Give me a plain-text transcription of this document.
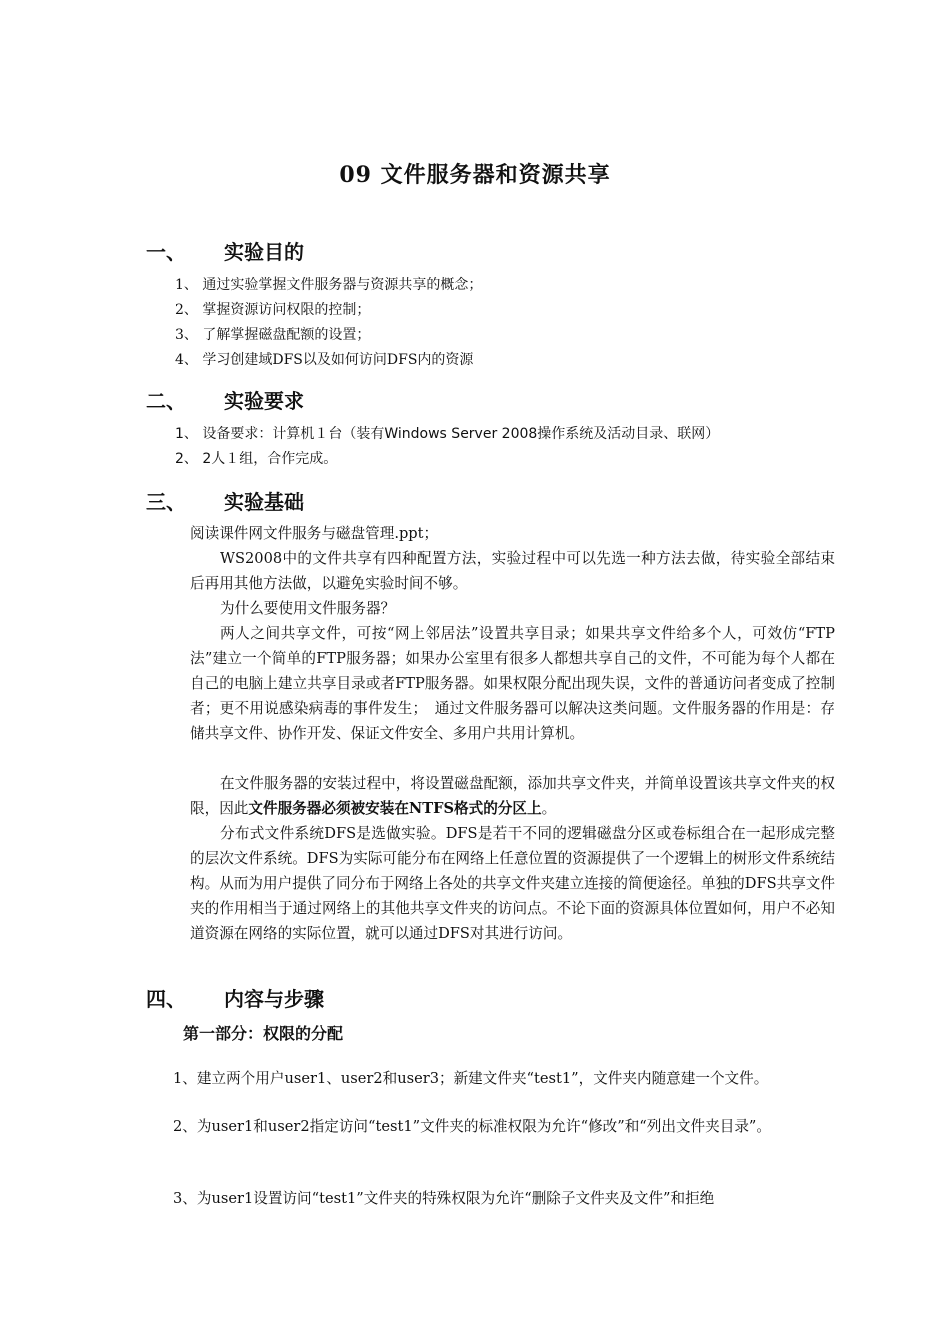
09 文件服务器和资源共享
一、 实验目的
1、 通过实验掌握文件服务器与资源共享的概念；
2、 掌握资源访问权限的控制；
3、 了解掌握磁盘配额的设置；
4、 学习创建域DFS以及如何访问DFS内的资源
二、 实验要求
1、 设备要求：计算机１台（装有Windows Server 2008操作系统及活动目录、联网）
2、 2人１组，合作完成。
三、 实验基础
阅读课件网文件服务与磁盘管理.ppt；
WS2008中的文件共享有四种配置方法，实验过程中可以先选一种方法去做，待实验全部结束后再用其他方法做，以避免实验时间不够。
为什么要使用文件服务器？
两人之间共享文件，可按“网上邻居法”设置共享目录；如果共享文件给多个人，可效仿“FTP法”建立一个简单的FTP服务器；如果办公室里有很多人都想共享自己的文件，不可能为每个人都在自己的电脑上建立共享目录或者FTP服务器。如果权限分配出现失误，文件的普通访问者变成了控制者；更不用说感染病毒的事件发生；　通过文件服务器可以解决这类问题。文件服务器的作用是：存储共享文件、协作开发、保证文件安全、多用户共用计算机。
在文件服务器的安装过程中，将设置磁盘配额，添加共享文件夹，并简单设置该共享文件夹的权限，因此文件服务器必须被安装在NTFS格式的分区上。
分布式文件系统DFS是选做实验。DFS是若干不同的逻辑磁盘分区或卷标组合在一起形成完整的层次文件系统。DFS为实际可能分布在网络上任意位置的资源提供了一个逻辑上的树形文件系统结构。从而为用户提供了同分布于网络上各处的共享文件夹建立连接的简便途径。单独的DFS共享文件夹的作用相当于通过网络上的其他共享文件夹的访问点。不论下面的资源具体位置如何，用户不必知道资源在网络的实际位置，就可以通过DFS对其进行访问。
四、 内容与步骤
第一部分：权限的分配
1、建立两个用户user1、user2和user3；新建文件夹“test1”，文件夹内随意建一个文件。
2、为user1和user2指定访问“test1”文件夹的标准权限为允许“修改”和“列出文件夹目录”。
3、为user1设置访问“test1”文件夹的特殊权限为允许“删除子文件夹及文件”和拒绝
